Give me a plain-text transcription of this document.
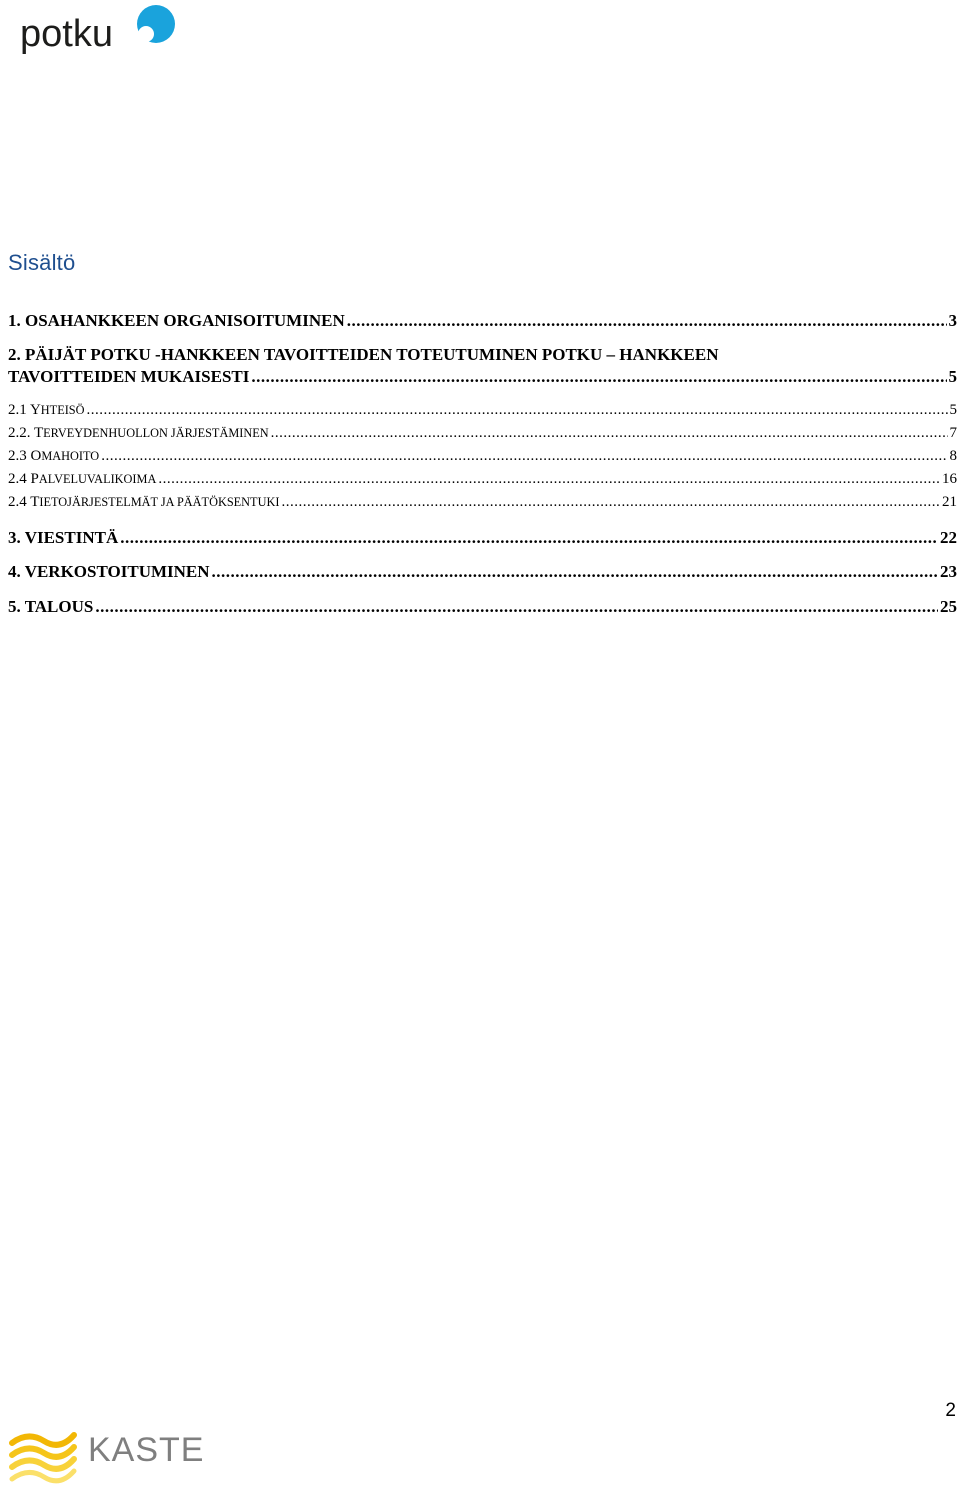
potku
Sisältö
1. OSAHANKKEEN ORGANISOITUMINEN .....	3
2. PÄIJÄT POTKU -HANKKEEN TAVOITTEIDEN TOTEUTUMINEN POTKU – HANKKEEN
TAVOITTEIDEN MUKAISESTI .....	5
2.1 YHTEISÖ .....	5
2.2. TERVEYDENHUOLLON JÄRJESTÄMINEN .....	7
2.3 OMAHOITO .....	8
2.4 PALVELUVALIKOIMA .....	16
2.4 TIETOJÄRJESTELMÄT JA PÄÄTÖKSENTUKI .....	21
3. VIESTINTÄ .....	22
4. VERKOSTOITUMINEN .....	23
5. TALOUS .....	25
2
KASTE
